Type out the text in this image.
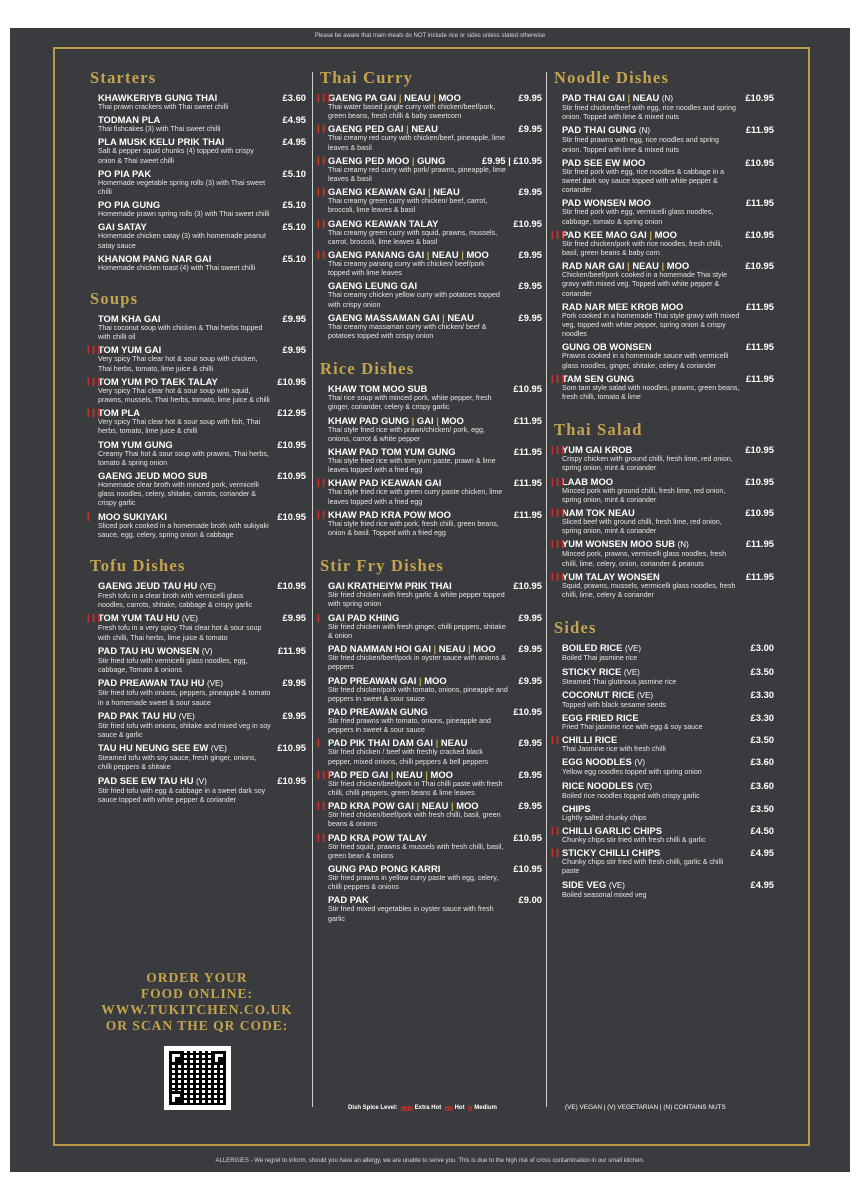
Please be aware that main meals do NOT include rice or sides unless stated otherwise
Starters
KHAWKERIYB GUNG THAI	£3.60
Thai prawn crackers with Thai sweet chilli
TODMAN PLA	£4.95
Thai fishcakes (3) with Thai sweet chilli
PLA MUSK KELU PRIK THAI	£4.95
Salt & pepper squid chunks (4) topped with crispy onion & Thai sweet chilli
PO PIA PAK	£5.10
Homemade vegetable spring rolls (3) with Thai sweet chilli
PO PIA GUNG	£5.10
Homemade prawn spring rolls (3) with Thai sweet chilli
GAI SATAY	£5.10
Homemade chicken satay (3) with homemade peanut satay sauce
KHANOM PANG NAR GAI	£5.10
Homemade chicken toast (4) with Thai sweet chilli
Soups
TOM KHA GAI	£9.95
Thai coconut soup with chicken & Thai herbs topped with chilli oil
❙❙❙
TOM YUM GAI	£9.95
Very spicy Thai clear hot & sour soup with chicken, Thai herbs, tomato, lime juice & chilli
❙❙❙
TOM YUM PO TAEK TALAY	£10.95
Very spicy Thai clear hot & sour soup with squid, prawns, mussels, Thai herbs, tomato, lime juice & chilli
❙❙❙
TOM PLA	£12.95
Very spicy Thai clear hot & sour soup with fish, Thai herbs, tomato, lime juice & chilli
TOM YUM GUNG	£10.95
Creamy Thai hot & sour soup with prawns, Thai herbs, tomato & spring onion
GAENG JEUD MOO SUB	£10.95
Homemade clear broth with minced pork, vermicelli glass noodles, celery, shitake, carrots, coriander & crispy garlic
❙ MOO SUKIYAKI	£10.95
Sliced pork cooked in a homemade broth with sukiyaki sauce, egg, celery, spring onion & cabbage
Tofu Dishes
GAENG JEUD TAU HU (VE)	£10.95
Fresh tofu in a clear broth with vermicelli glass noodles, carrots, shitake, cabbage & crispy garlic
❙❙❙
TOM YUM TAU HU (VE)	£9.95
Fresh tofu in a very spicy Thai clear hot & sour soup with chilli, Thai herbs, lime juice & tomato
PAD TAU HU WONSEN (V)	£11.95
Stir fried tofu with vermicelli glass noodles, egg, cabbage, Tomato & onions
PAD PREAWAN TAU HU (VE)	£9.95
Stir fried tofu with onions, peppers, pineapple & tomato in a homemade sweet & sour sauce
PAD PAK TAU HU (VE)	£9.95
Stir fried tofu with onions, shitake and mixed veg in soy sauce & garlic
TAU HU NEUNG SEE EW (VE)	£10.95
Steamed tofu with soy sauce, fresh ginger, onions, chilli peppers & shitake
PAD SEE EW TAU HU (V)	£10.95
Stir fried tofu with egg & cabbage in a sweet dark soy sauce topped with white pepper & coriander
Thai Curry
❙❙❙
GAENG PA GAI | NEAU | MOO	£9.95
Thai water based jungle curry with chicken/beef/pork, green beans, fresh chilli & baby sweetcorn
❙❙ GAENG PED GAI | NEAU	£9.95
Thai creamy red curry with chicken/beef, pineapple, lime leaves & basil
❙❙ GAENG PED MOO | GUNG	£9.95 | £10.95
Thai creamy red curry with pork/ prawns, pineapple, lime leaves & basil
❙❙ GAENG KEAWAN GAI | NEAU	£9.95
Thai creamy green curry with chicken/ beef, carrot, broccoli, lime leaves & basil
❙❙ GAENG KEAWAN TALAY	£10.95
Thai creamy green curry with squid, prawns, mussels, carrot, broccoli, lime leaves & basil
❙❙ GAENG PANANG GAI | NEAU | MOO	£9.95
Thai creamy panang curry with chicken/ beef/pork topped with lime leaves
GAENG LEUNG GAI	£9.95
Thai creamy chicken yellow curry with potatoes topped with crispy onion
GAENG MASSAMAN GAI | NEAU	£9.95
Thai creamy massaman curry with chicken/ beef & potatoes topped with crispy onion
Rice Dishes
KHAW TOM MOO SUB	£10.95
Thai rice soup with minced pork, white pepper, fresh ginger, coriander, celery & crispy garlic
KHAW PAD GUNG | GAI | MOO	£11.95
Thai style fried rice with prawn/chicken/ pork, egg, onions, carrot & white pepper
KHAW PAD TOM YUM GUNG	£11.95
Thai style fried rice with tom yum paste, prawn & lime leaves topped with a fried egg
❙❙ KHAW PAD KEAWAN GAI	£11.95
Thai style fried rice with green curry paste chicken, lime leaves topped with a fried egg
❙❙ KHAW PAD KRA POW MOO	£11.95
Thai style fried rice with pork, fresh chilli, green beans, onion & basil. Topped with a fried egg
Stir Fry Dishes
GAI KRATHEIYM PRIK THAI	£10.95
Stir fried chicken with fresh garlic & white pepper topped with spring onion
❙ GAI PAD KHING	£9.95
Stir fried chicken with fresh ginger, chilli peppers, shitake & onion
PAD NAMMAN HOI GAI | NEAU | MOO	£9.95
Stir fried chicken/beef/pork in oyster sauce with onions & peppers
PAD PREAWAN GAI | MOO	£9.95
Stir fried chicken/pork with tomato, onions, pineapple and peppers in sweet & sour sauce
PAD PREAWAN GUNG	£10.95
Stir fried prawns with tomato, onions, pineapple and peppers in sweet & sour sauce
❙ PAD PIK THAI DAM GAI | NEAU	£9.95
Stir fried chicken / beef with freshly cracked black pepper, mixed onions, chilli peppers & bell peppers
❙❙❙
PAD PED GAI | NEAU | MOO	£9.95
Stir fried chicken/beef/pork in Thai chilli paste with fresh chilli, chilli peppers, green beans & lime leaves
❙❙ PAD KRA POW GAI | NEAU | MOO	£9.95
Stir fried chicken/beef/pork with fresh chilli, basil, green beans & onions
❙❙ PAD KRA POW TALAY	£10.95
Stir fried squid, prawns & mussels with fresh chilli, basil, green bean & onions
GUNG PAD PONG KARRI	£10.95
Stir fried prawns in yellow curry paste with egg, celery, chilli peppers & onions
PAD PAK	£9.00
Stir fried mixed vegetables in oyster sauce with fresh garlic
Noodle Dishes
PAD THAI GAI | NEAU (N)	£10.95
Stir fried chicken/beef with egg, rice noodles and spring onion. Topped with lime & mixed nuts
PAD THAI GUNG (N)	£11.95
Stir fried prawns with egg, rice noodles and spring onion. Topped with lime & mixed nuts
PAD SEE EW MOO	£10.95
Stir fried pork with egg, rice noodles & cabbage in a sweet dark soy sauce topped with white pepper & coriander
PAD WONSEN MOO	£11.95
Stir fried pork with egg, vermicelli glass noodles, cabbage, tomato & spring onion
❙❙❙
PAD KEE MAO GAI | MOO	£10.95
Stir fried chicken/pork with rice noodles, fresh chilli, basil, green beans & baby corn
RAD NAR GAI | NEAU | MOO	£10.95
Chicken/beef/pork cooked in a homemade Thai style gravy with mixed veg. Topped with white pepper & coriander
RAD NAR MEE KROB MOO	£11.95
Pork cooked in a homemade Thai style gravy with mixed veg, topped with white pepper, spring onion & crispy noodles
GUNG OB WONSEN	£11.95
Prawns cooked in a homemade sauce with vermicelli glass noodles, ginger, shitake, celery & coriander
❙❙❙
TAM SEN GUNG	£11.95
Som tam style salad with noodles, prawns, green beans, fresh chilli, tomato & lime
Thai Salad
❙❙❙
YUM GAI KROB	£10.95
Crispy chicken with ground chilli, fresh lime, red onion, spring onion, mint & coriander
❙❙❙
LAAB MOO	£10.95
Minced pork with ground chilli, fresh lime, red onion, spring onion, mint & coriander
❙❙❙
NAM TOK NEAU	£10.95
Sliced beef with ground chilli, fresh lime, red onion, spring onion, mint & coriander
❙❙❙
YUM WONSEN MOO SUB (N)	£11.95
Minced pork, prawns, vermicelli glass noodles, fresh chilli, lime, celery, onion, coriander & peanuts
❙❙❙
YUM TALAY WONSEN	£11.95
Squid, prawns, mussels, vermicelli glass noodles, fresh chilli, lime, celery & coriander
Sides
BOILED RICE (VE)	£3.00
Boiled Thai jasmine rice
STICKY RICE (VE)	£3.50
Steamed Thai glutinous jasmine rice
COCONUT RICE (VE)	£3.30
Topped with black sesame seeds
EGG FRIED RICE	£3.30
Fried Thai jasmine rice with egg & soy sauce
❙❙ CHILLI RICE	£3.50
Thai Jasmine rice with fresh chilli
EGG NOODLES (V)	£3.60
Yellow egg noodles topped with spring onion
RICE NOODLES (VE)	£3.60
Boiled rice noodles topped with crispy garlic
CHIPS	£3.50
Lightly salted chunky chips
❙❙ CHILLI GARLIC CHIPS	£4.50
Chunky chips stir fried with fresh chilli & garlic
❙❙ STICKY CHILLI CHIPS	£4.95
Chunky chips stir fried with fresh chilli, garlic & chilli paste
SIDE VEG (VE)	£4.95
Boiled seasonal mixed veg
ORDER YOUR
FOOD ONLINE:
WWW.TUKITCHEN.CO.UK
OR SCAN THE QR CODE:
Dish Spice Level: ᴕᴕᴕ Extra Hot ᴕᴕ Hot ᴕ Medium	(VE) VEGAN | (V) VEGETARIAN | (N) CONTAINS NUTS
ALLERGIES - We regret to inform, should you have an allergy, we are unable to serve you. This is due to the high risk of cross contamination in our small kitchen.
